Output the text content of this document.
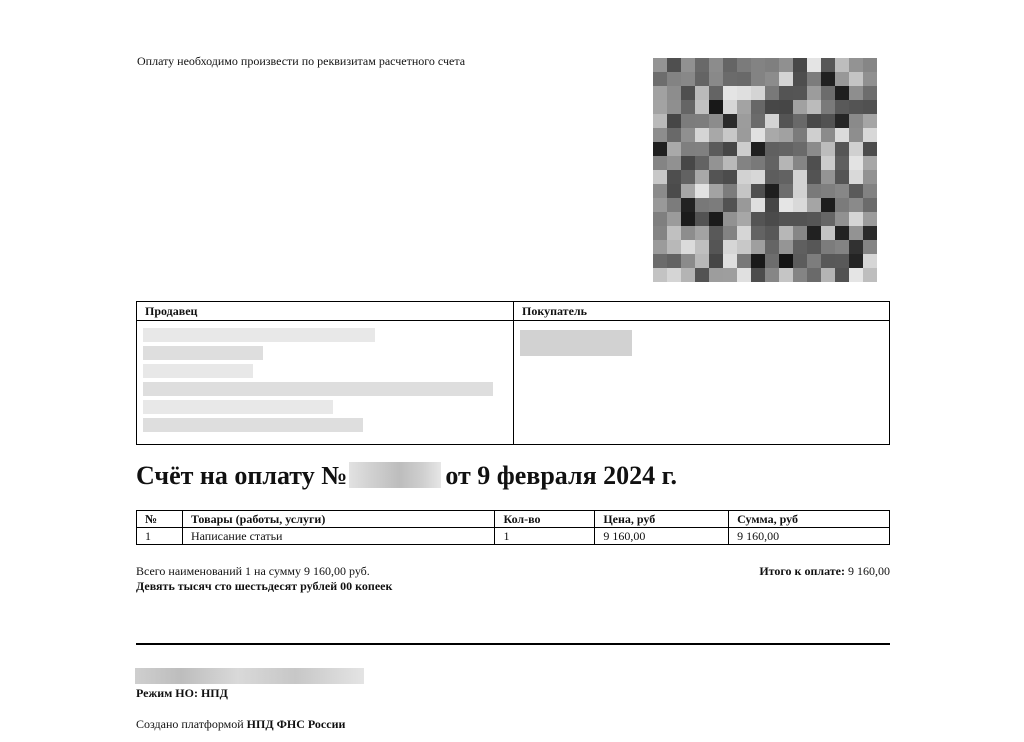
Оплату необходимо произвести по реквизитам расчетного счета
Продавец	Покупатель
Счёт на оплату №	от 9 февраля 2024 г.
№	Товары (работы, услуги)	Кол-во	Цена, руб	Сумма, руб
1	Написание статьи	1	9 160,00	9 160,00
Всего наименований 1 на сумму 9 160,00 руб.
Девять тысяч сто шестьдесят рублей 00 копеек
Итого к оплате: 9 160,00
Режим НО: НПД
Создано платформой НПД ФНС России
